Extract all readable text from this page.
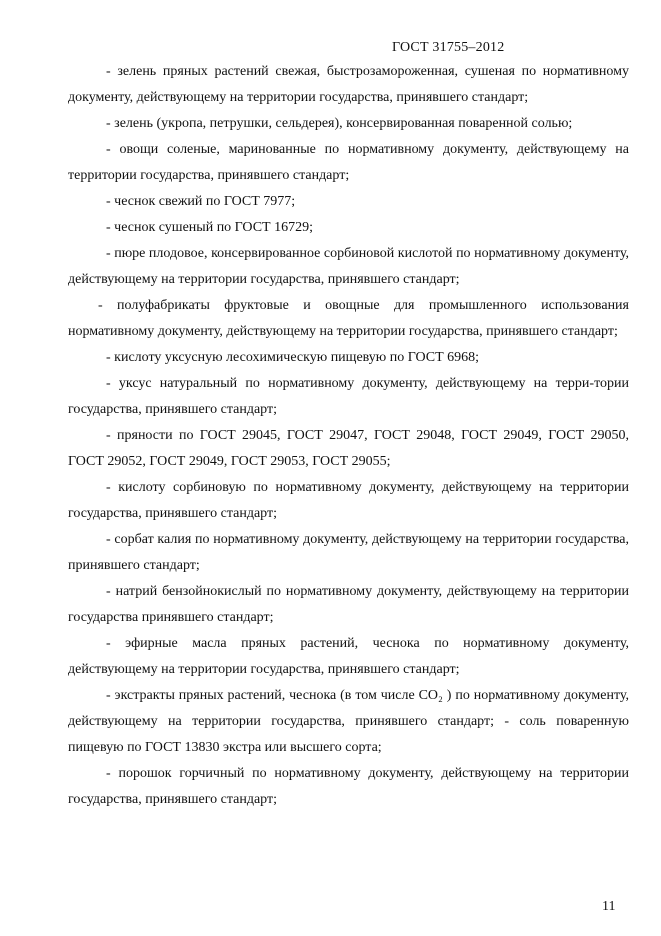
ГОСТ 31755–2012

- зелень пряных растений свежая, быстрозамороженная, сушеная по нормативному документу, действующему на территории государства, принявшего стандарт;

- зелень (укропа, петрушки, сельдерея), консервированная поваренной солью;

- овощи соленые, маринованные по нормативному документу, действующему на территории государства, принявшего стандарт;

- чеснок свежий по ГОСТ 7977;

- чеснок сушеный по ГОСТ 16729;

- пюре плодовое, консервированное сорбиновой кислотой по нормативному документу, действующему на территории государства, принявшего стандарт;

- полуфабрикаты фруктовые и овощные для промышленного использования нормативному документу, действующему на территории государства, принявшего стандарт;

- кислоту уксусную лесохимическую пищевую по ГОСТ 6968;

- уксус натуральный по нормативному документу, действующему на терри-тории государства, принявшего стандарт;

- пряности по ГОСТ 29045, ГОСТ 29047, ГОСТ 29048, ГОСТ 29049, ГОСТ 29050, ГОСТ 29052, ГОСТ 29049, ГОСТ 29053, ГОСТ 29055;

- кислоту сорбиновую по нормативному документу, действующему на территории государства, принявшего стандарт;

- сорбат калия по нормативному документу, действующему на территории государства, принявшего стандарт;

- натрий бензойнокислый по нормативному документу, действующему на территории государства принявшего стандарт;

- эфирные масла пряных растений, чеснока по нормативному документу, действующему на территории государства, принявшего стандарт;

- экстракты пряных растений, чеснока (в том числе CO₂ ) по нормативному документу, действующему на территории государства, принявшего стандарт; - соль поваренную пищевую по ГОСТ 13830 экстра или высшего сорта;

- порошок горчичный по нормативному документу, действующему на территории государства, принявшего стандарт;

11
